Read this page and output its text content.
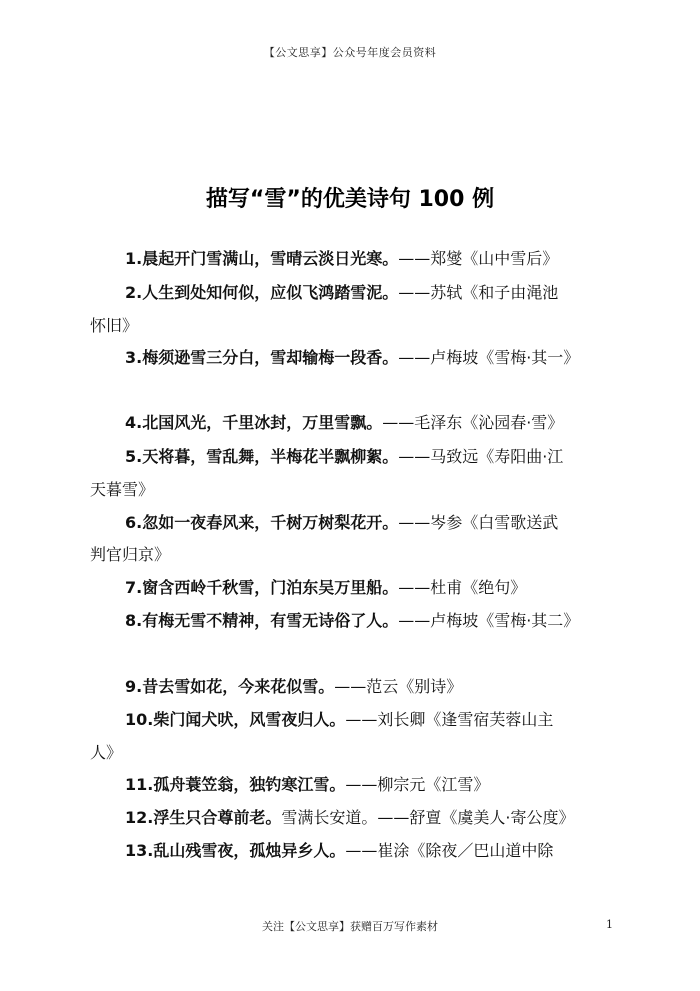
【公文思享】公众号年度会员资料
描写“雪”的优美诗句 100 例
1.晨起开门雪满山，雪晴云淡日光寒。——郑燮《山中雪后》
2.人生到处知何似，应似飞鸿踏雪泥。——苏轼《和子由渑池
怀旧》
3.梅须逊雪三分白，雪却输梅一段香。——卢梅坡《雪梅·其一》
4.北国风光，千里冰封，万里雪飘。——毛泽东《沁园春·雪》
5.天将暮，雪乱舞，半梅花半飘柳絮。——马致远《寿阳曲·江
天暮雪》
6.忽如一夜春风来，千树万树梨花开。——岑参《白雪歌送武
判官归京》
7.窗含西岭千秋雪，门泊东吴万里船。——杜甫《绝句》
8.有梅无雪不精神，有雪无诗俗了人。——卢梅坡《雪梅·其二》
9.昔去雪如花，今来花似雪。——范云《别诗》
10.柴门闻犬吠，风雪夜归人。——刘长卿《逢雪宿芙蓉山主
人》
11.孤舟蓑笠翁，独钓寒江雪。——柳宗元《江雪》
12.浮生只合尊前老。雪满长安道。——舒亶《虞美人·寄公度》
13.乱山残雪夜，孤烛异乡人。——崔涂《除夜／巴山道中除
关注【公文思享】获赠百万写作素材	1
